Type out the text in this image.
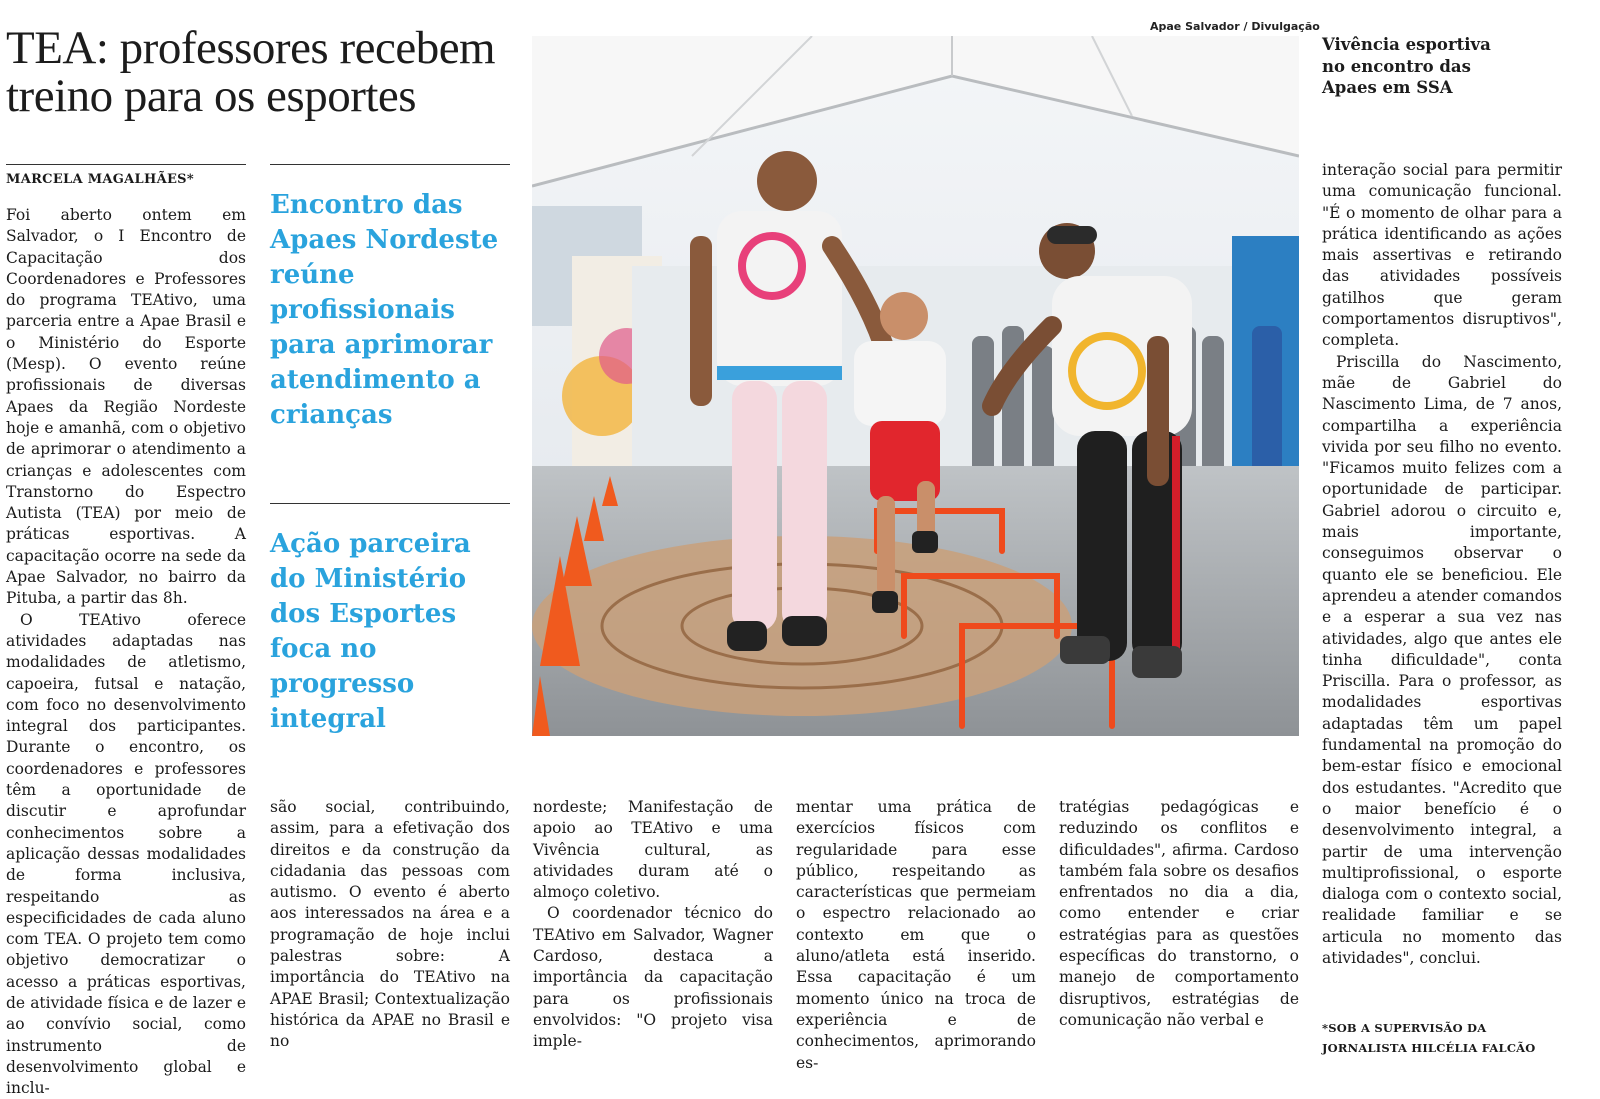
TEA: professores recebem treino para os esportes
MARCELA MAGALHÃES*

Foi aberto ontem em Salvador, o I Encontro de Capacitação dos Coordenadores e Professores do programa TEAtivo, uma parceria entre a Apae Brasil e o Ministério do Esporte (Mesp). O evento reúne profissionais de diversas Apaes da Região Nordeste hoje e amanhã, com o objetivo de aprimorar o atendimento a crianças e adolescentes com Transtorno do Espectro Autista (TEA) por meio de práticas esportivas. A capacitação ocorre na sede da Apae Salvador, no bairro da Pituba, a partir das 8h.

O TEAtivo oferece atividades adaptadas nas modalidades de atletismo, capoeira, futsal e natação, com foco no desenvolvimento integral dos participantes. Durante o encontro, os coordenadores e professores têm a oportunidade de discutir e aprofundar conhecimentos sobre a aplicação dessas modalidades de forma inclusiva, respeitando as especificidades de cada aluno com TEA. O projeto tem como objetivo democratizar o acesso a práticas esportivas, de atividade física e de lazer e ao convívio social, como instrumento de desenvolvimento global e inclu-

Encontro das Apaes Nordeste reúne profissionais para aprimorar atendimento a crianças

Ação parceira do Ministério dos Esportes foca no progresso integral

Apae Salvador / Divulgação
Vivência esportiva no encontro das Apaes em SSA

são social, contribuindo, assim, para a efetivação dos direitos e da construção da cidadania das pessoas com autismo. O evento é aberto aos interessados na área e a programação de hoje inclui palestras sobre: A importância do TEAtivo na APAE Brasil; Contextualização histórica da APAE no Brasil e no

nordeste; Manifestação de apoio ao TEAtivo e uma Vivência cultural, as atividades duram até o almoço coletivo.

O coordenador técnico do TEAtivo em Salvador, Wagner Cardoso, destaca a importância da capacitação para os profissionais envolvidos: "O projeto visa imple-

mentar uma prática de exercícios físicos com regularidade para esse público, respeitando as características que permeiam o espectro relacionado ao contexto em que o aluno/atleta está inserido. Essa capacitação é um momento único na troca de experiência e de conhecimentos, aprimorando es-

tratégias pedagógicas e reduzindo os conflitos e dificuldades", afirma. Cardoso também fala sobre os desafios enfrentados no dia a dia, como entender e criar estratégias para as questões específicas do transtorno, o manejo de comportamento disruptivos, estratégias de comunicação não verbal e

interação social para permitir uma comunicação funcional. "É o momento de olhar para a prática identificando as ações mais assertivas e retirando das atividades possíveis gatilhos que geram comportamentos disruptivos", completa.

Priscilla do Nascimento, mãe de Gabriel do Nascimento Lima, de 7 anos, compartilha a experiência vivida por seu filho no evento. "Ficamos muito felizes com a oportunidade de participar. Gabriel adorou o circuito e, mais importante, conseguimos observar o quanto ele se beneficiou. Ele aprendeu a atender comandos e a esperar a sua vez nas atividades, algo que antes ele tinha dificuldade", conta Priscilla. Para o professor, as modalidades esportivas adaptadas têm um papel fundamental na promoção do bem-estar físico e emocional dos estudantes. "Acredito que o maior benefício é o desenvolvimento integral, a partir de uma intervenção multiprofissional, o esporte dialoga com o contexto social, realidade familiar e se articula no momento das atividades", conclui.

*SOB A SUPERVISÃO DA JORNALISTA HILCÉLIA FALCÃO
